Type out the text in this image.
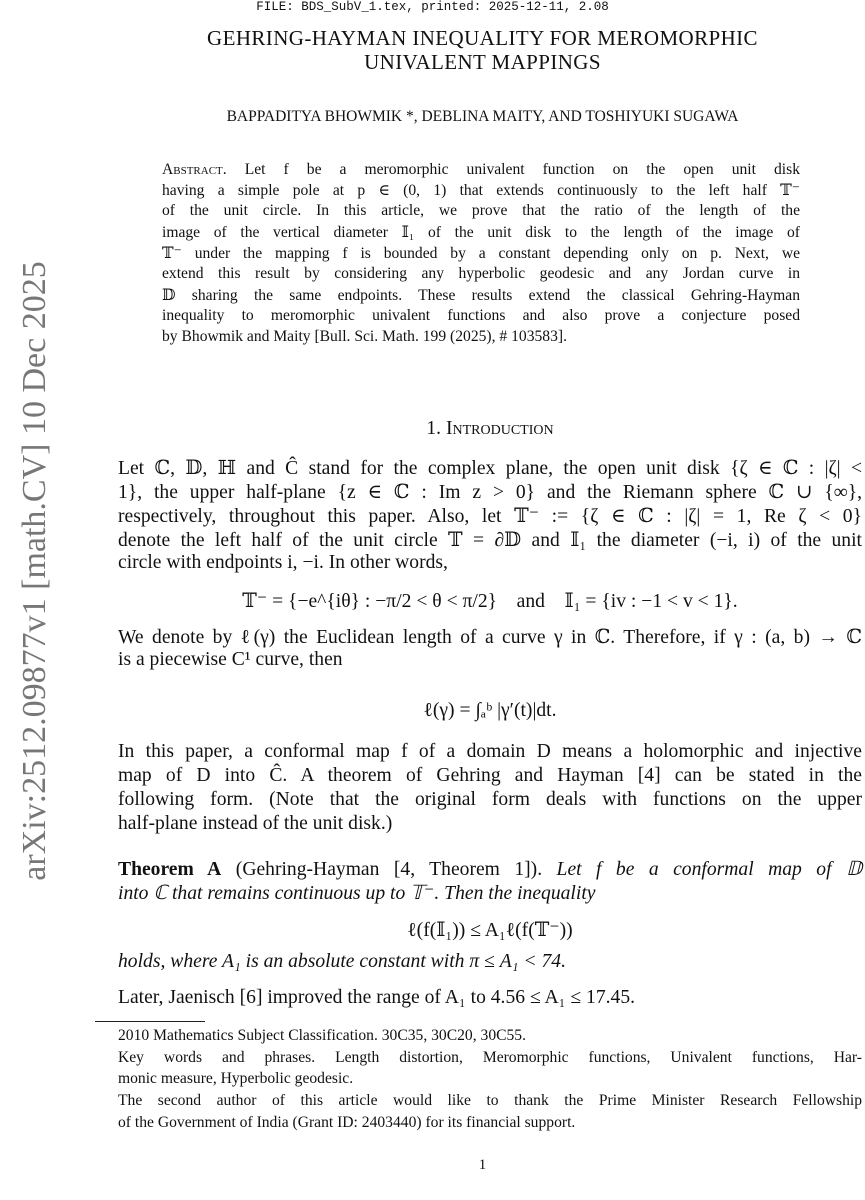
FILE: BDS_SubV_1.tex, printed: 2025-12-11, 2.08
arXiv:2512.09877v1 [math.CV] 10 Dec 2025
GEHRING-HAYMAN INEQUALITY FOR MEROMORPHIC
UNIVALENT MAPPINGS
BAPPADITYA BHOWMIK *, DEBLINA MAITY, AND TOSHIYUKI SUGAWA
Abstract. Let f be a meromorphic univalent function on the open unit disk
having a simple pole at p ∈ (0, 1) that extends continuously to the left half 𝕋⁻
of the unit circle. In this article, we prove that the ratio of the length of the
image of the vertical diameter 𝕀₁ of the unit disk to the length of the image of
𝕋⁻ under the mapping f is bounded by a constant depending only on p. Next, we
extend this result by considering any hyperbolic geodesic and any Jordan curve in
𝔻 sharing the same endpoints. These results extend the classical Gehring-Hayman
inequality to meromorphic univalent functions and also prove a conjecture posed
by Bhowmik and Maity [Bull. Sci. Math. 199 (2025), # 103583].
1. Introduction
Let ℂ, 𝔻, ℍ and Ĉ stand for the complex plane, the open unit disk {ζ ∈ ℂ : |ζ| <
1}, the upper half-plane {z ∈ ℂ : Im z > 0} and the Riemann sphere ℂ ∪ {∞},
respectively, throughout this paper. Also, let 𝕋⁻ := {ζ ∈ ℂ : |ζ| = 1, Re ζ < 0}
denote the left half of the unit circle 𝕋 = ∂𝔻 and 𝕀₁ the diameter (−i, i) of the unit
circle with endpoints i, −i. In other words,
𝕋⁻ = {−e^{iθ} : −π/2 < θ < π/2}    and    𝕀₁ = {iv : −1 < v < 1}.
We denote by ℓ(γ) the Euclidean length of a curve γ in ℂ. Therefore, if γ : (a, b) → ℂ
is a piecewise C¹ curve, then
ℓ(γ) = ∫ₐᵇ |γ′(t)|dt.
In this paper, a conformal map f of a domain D means a holomorphic and injective
map of D into Ĉ. A theorem of Gehring and Hayman [4] can be stated in the
following form. (Note that the original form deals with functions on the upper
half-plane instead of the unit disk.)
Theorem A (Gehring-Hayman [4, Theorem 1]). Let f be a conformal map of 𝔻
into ℂ that remains continuous up to 𝕋⁻. Then the inequality
ℓ(f(𝕀₁)) ≤ A₁ℓ(f(𝕋⁻))
holds, where A₁ is an absolute constant with π ≤ A₁ < 74.
Later, Jaenisch [6] improved the range of A₁ to 4.56 ≤ A₁ ≤ 17.45.
2010 Mathematics Subject Classification. 30C35, 30C20, 30C55.
Key words and phrases. Length distortion, Meromorphic functions, Univalent functions, Har-
monic measure, Hyperbolic geodesic.
The second author of this article would like to thank the Prime Minister Research Fellowship
of the Government of India (Grant ID: 2403440) for its financial support.
1
